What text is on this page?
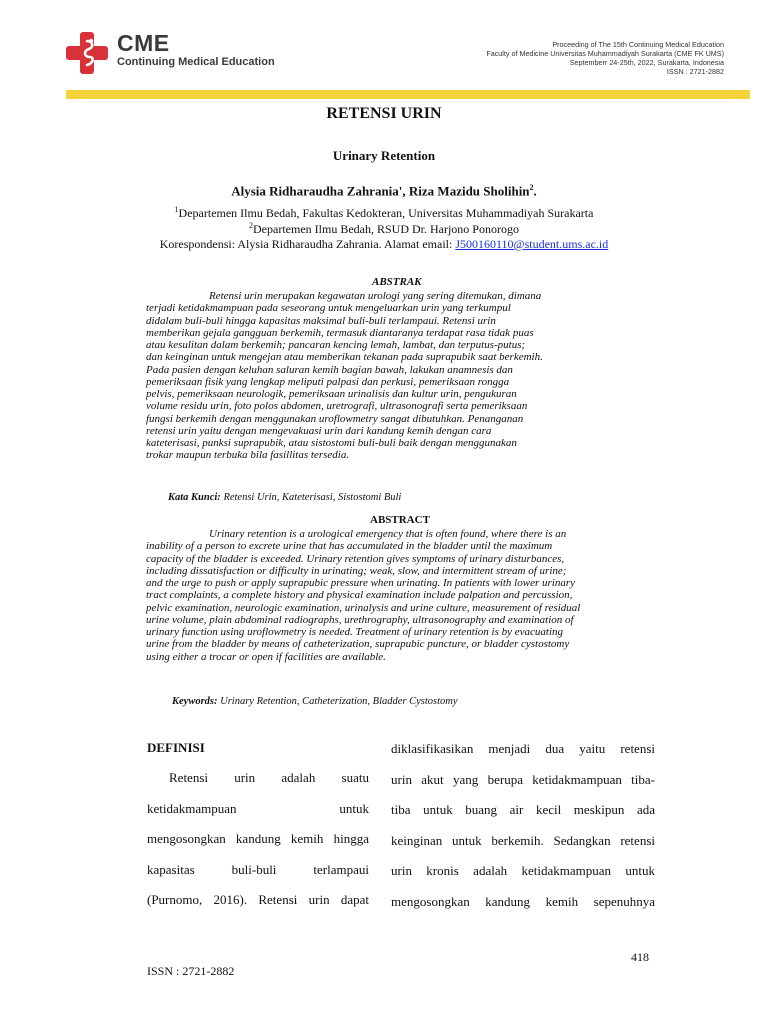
CME
Continuing Medical Education
Proceeding of The 15th Continuing Medical Education
Faculty of Medicine Universitas Muhammadiyah Surakarta (CME FK UMS)
Septemberr 24-25th, 2022, Surakarta, Indonesia
ISSN : 2721-2882
RETENSI URIN
Urinary Retention
Alysia Ridharaudha Zahrania', Riza Mazidu Sholihin$^2$.
$^1$Departemen Ilmu Bedah, Fakultas Kedokteran, Universitas Muhammadiyah Surakarta
$^2$Departemen Ilmu Bedah, RSUD Dr. Harjono Ponorogo
Korespondensi: Alysia Ridharaudha Zahrania. Alamat email: J500160110@student.ums.ac.id
ABSTRAK

Retensi urin merupakan kegawatan urologi yang sering ditemukan, dimana

terjadi ketidakmampuan pada seseorang untuk mengeluarkan urin yang terkumpul

didalam buli-buli hingga kapasitas maksimal buli-buli terlampaui. Retensi urin

memberikan gejala gangguan berkemih, termasuk diantaranya terdapat rasa tidak puas

atau kesulitan dalam berkemih; pancaran kencing lemah, lambat, dan terputus-putus;

dan keinginan untuk mengejan atau memberikan tekanan pada suprapubik saat berkemih.

Pada pasien dengan keluhan saluran kemih bagian bawah, lakukan anamnesis dan

pemeriksaan fisik yang lengkap meliputi palpasi dan perkusi, pemeriksaan rongga

pelvis, pemeriksaan neurologik, pemeriksaan urinalisis dan kultur urin, pengukuran

volume residu urin, foto polos abdomen, uretrografi, ultrasonografi serta pemeriksaan

fungsi berkemih dengan menggunakan uroflowmetry sangat dibutuhkan. Penanganan

retensi urin yaitu dengan mengevakuasi urin dari kandung kemih dengan cara

kateterisasi, punksi suprapubik, atau sistostomi buli-buli baik dengan menggunakan

trokar maupun terbuka bila fasillitas tersedia.

Kata Kunci: Retensi Urin, Kateterisasi, Sistostomi Buli
ABSTRACT

Urinary retention is a urological emergency that is often found, where there is an

inability of a person to excrete urine that has accumulated in the bladder until the maximum

capacity of the bladder is exceeded. Urinary retention gives symptoms of urinary disturbances,

including dissatisfaction or difficulty in urinating; weak, slow, and intermittent stream of urine;

and the urge to push or apply suprapubic pressure when urinating. In patients with lower urinary

tract complaints, a complete history and physical examination include palpation and percussion,

pelvic examination, neurologic examination, urinalysis and urine culture, measurement of residual

urine volume, plain abdominal radiographs, urethrography, ultrasonography and examination of

urinary function using uroflowmetry is needed. Treatment of urinary retention is by evacuating

urine from the bladder by means of catheterization, suprapubic puncture, or bladder cystostomy

using either a trocar or open if facilities are available.

Keywords: Urinary Retention, Catheterization, Bladder Cystostomy
DEFINISI

Retensi urin adalah suatu

ketidakmampuan untuk

mengosongkan kandung kemih hingga

kapasitas buli-buli terlampaui

(Purnomo, 2016). Retensi urin dapat

diklasifikasikan menjadi dua yaitu retensi

urin akut yang berupa ketidakmampuan tiba-

tiba untuk buang air kecil meskipun ada

keinginan untuk berkemih. Sedangkan retensi

urin kronis adalah ketidakmampuan untuk

mengosongkan kandung kemih sepenuhnya

418
ISSN : 2721-2882
